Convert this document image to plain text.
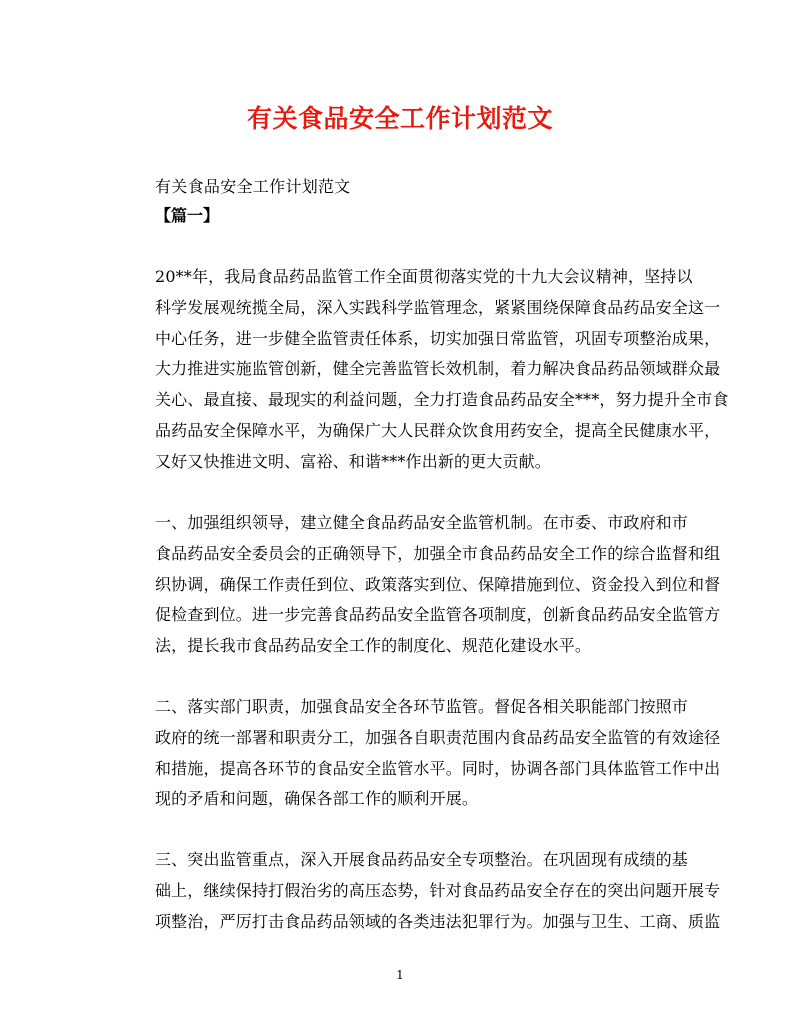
有关食品安全工作计划范文
有关食品安全工作计划范文
【篇一】
20**年，我局食品药品监管工作全面贯彻落实党的十九大会议精神，坚持以
科学发展观统揽全局，深入实践科学监管理念，紧紧围绕保障食品药品安全这一
中心任务，进一步健全监管责任体系，切实加强日常监管，巩固专项整治成果，
大力推进实施监管创新，健全完善监管长效机制，着力解决食品药品领域群众最
关心、最直接、最现实的利益问题，全力打造食品药品安全***，努力提升全市食
品药品安全保障水平，为确保广大人民群众饮食用药安全，提高全民健康水平，
又好又快推进文明、富裕、和谐***作出新的更大贡献。
一、加强组织领导，建立健全食品药品安全监管机制。在市委、市政府和市
食品药品安全委员会的正确领导下，加强全市食品药品安全工作的综合监督和组
织协调，确保工作责任到位、政策落实到位、保障措施到位、资金投入到位和督
促检查到位。进一步完善食品药品安全监管各项制度，创新食品药品安全监管方
法，提长我市食品药品安全工作的制度化、规范化建设水平。
二、落实部门职责，加强食品安全各环节监管。督促各相关职能部门按照市
政府的统一部署和职责分工，加强各自职责范围内食品药品安全监管的有效途径
和措施，提高各环节的食品安全监管水平。同时，协调各部门具体监管工作中出
现的矛盾和问题，确保各部工作的顺利开展。
三、突出监管重点，深入开展食品药品安全专项整治。在巩固现有成绩的基
础上，继续保持打假治劣的高压态势，针对食品药品安全存在的突出问题开展专
项整治，严厉打击食品药品领域的各类违法犯罪行为。加强与卫生、工商、质监
1
